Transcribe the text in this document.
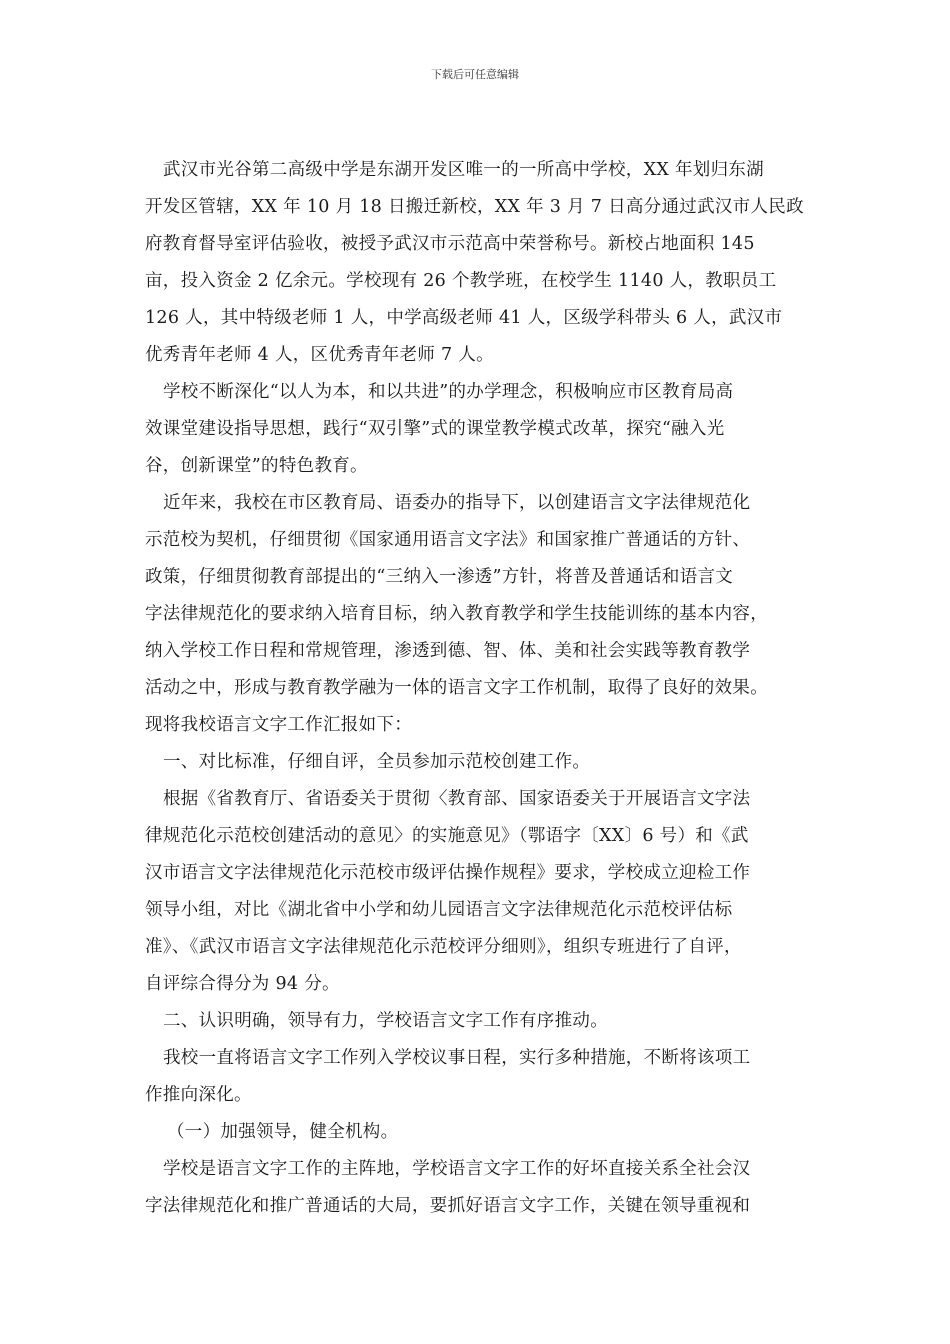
下载后可任意编辑
武汉市光谷第二高级中学是东湖开发区唯一的一所高中学校，XX 年划归东湖
开发区管辖，XX 年 10 月 18 日搬迁新校，XX 年 3 月 7 日高分通过武汉市人民政
府教育督导室评估验收，被授予武汉市示范高中荣誉称号。新校占地面积 145
亩，投入资金 2 亿余元。学校现有 26 个教学班，在校学生 1140 人，教职员工
126 人，其中特级老师 1 人，中学高级老师 41 人，区级学科带头 6 人，武汉市
优秀青年老师 4 人，区优秀青年老师 7 人。
学校不断深化“以人为本，和以共进”的办学理念，积极响应市区教育局高
效课堂建设指导思想，践行“双引擎”式的课堂教学模式改革，探究“融入光
谷，创新课堂”的特色教育。
近年来，我校在市区教育局、语委办的指导下，以创建语言文字法律规范化
示范校为契机，仔细贯彻《国家通用语言文字法》和国家推广普通话的方针、
政策，仔细贯彻教育部提出的“三纳入一渗透”方针，将普及普通话和语言文
字法律规范化的要求纳入培育目标，纳入教育教学和学生技能训练的基本内容，
纳入学校工作日程和常规管理，渗透到德、智、体、美和社会实践等教育教学
活动之中，形成与教育教学融为一体的语言文字工作机制，取得了良好的效果。
现将我校语言文字工作汇报如下：
一、对比标准，仔细自评，全员参加示范校创建工作。
根据《省教育厅、省语委关于贯彻〈教育部、国家语委关于开展语言文字法
律规范化示范校创建活动的意见〉的实施意见》（鄂语字〔XX〕6 号）和《武
汉市语言文字法律规范化示范校市级评估操作规程》要求，学校成立迎检工作
领导小组，对比《湖北省中小学和幼儿园语言文字法律规范化示范校评估标
准》、《武汉市语言文字法律规范化示范校评分细则》，组织专班进行了自评，
自评综合得分为 94 分。
二、认识明确，领导有力，学校语言文字工作有序推动。
我校一直将语言文字工作列入学校议事日程，实行多种措施，不断将该项工
作推向深化。
（一）加强领导，健全机构。
学校是语言文字工作的主阵地，学校语言文字工作的好坏直接关系全社会汉
字法律规范化和推广普通话的大局，要抓好语言文字工作，关键在领导重视和
